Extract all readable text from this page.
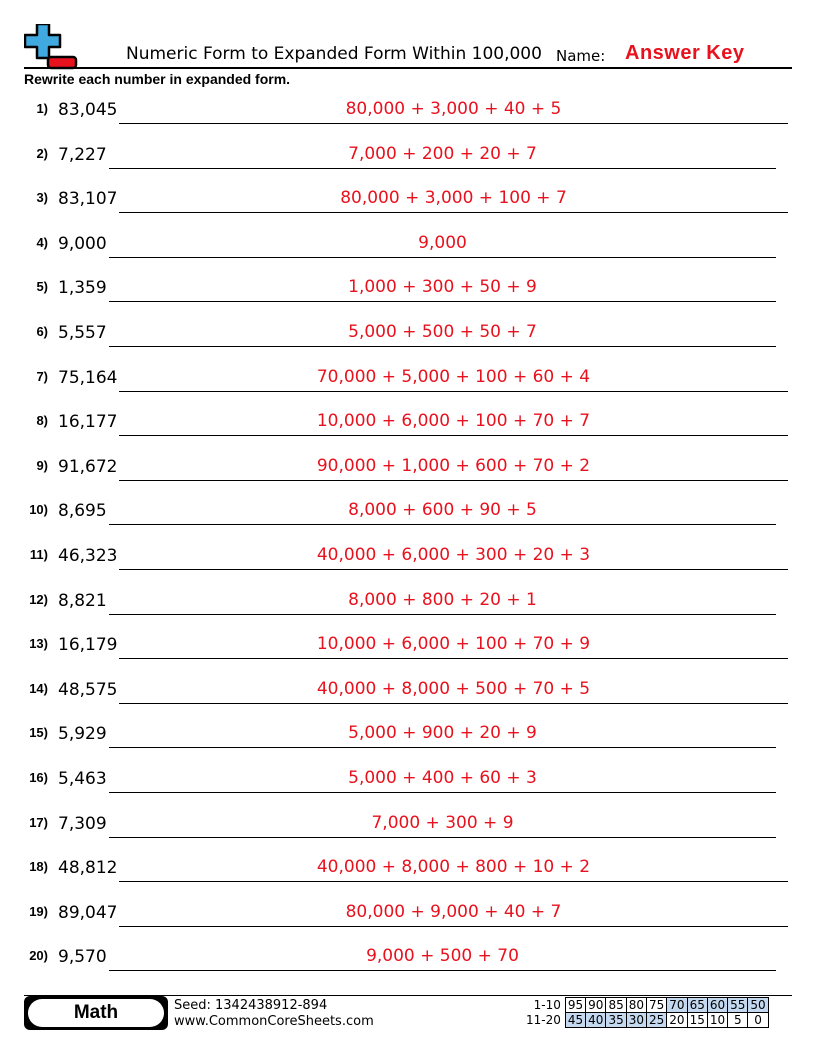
Numeric Form to Expanded Form Within 100,000 Name: Answer Key
Rewrite each number in expanded form.
1) 83,045	80,000 + 3,000 + 40 + 5
2) 7,227	7,000 + 200 + 20 + 7
3) 83,107	80,000 + 3,000 + 100 + 7
4) 9,000	9,000
5) 1,359	1,000 + 300 + 50 + 9
6) 5,557	5,000 + 500 + 50 + 7
7) 75,164	70,000 + 5,000 + 100 + 60 + 4
8) 16,177	10,000 + 6,000 + 100 + 70 + 7
9) 91,672	90,000 + 1,000 + 600 + 70 + 2
10) 8,695	8,000 + 600 + 90 + 5
11) 46,323	40,000 + 6,000 + 300 + 20 + 3
12) 8,821	8,000 + 800 + 20 + 1
13) 16,179	10,000 + 6,000 + 100 + 70 + 9
14) 48,575	40,000 + 8,000 + 500 + 70 + 5
15) 5,929	5,000 + 900 + 20 + 9
16) 5,463	5,000 + 400 + 60 + 3
17) 7,309	7,000 + 300 + 9
18) 48,812	40,000 + 8,000 + 800 + 10 + 2
19) 89,047	80,000 + 9,000 + 40 + 7
20) 9,570	9,000 + 500 + 70
Math	Seed: 1342438912-894
www.CommonCoreSheets.com
1-10	95	90	85	80	75	70	65	60	55	50
11-20	45	40	35	30	25	20	15	10	5	0
